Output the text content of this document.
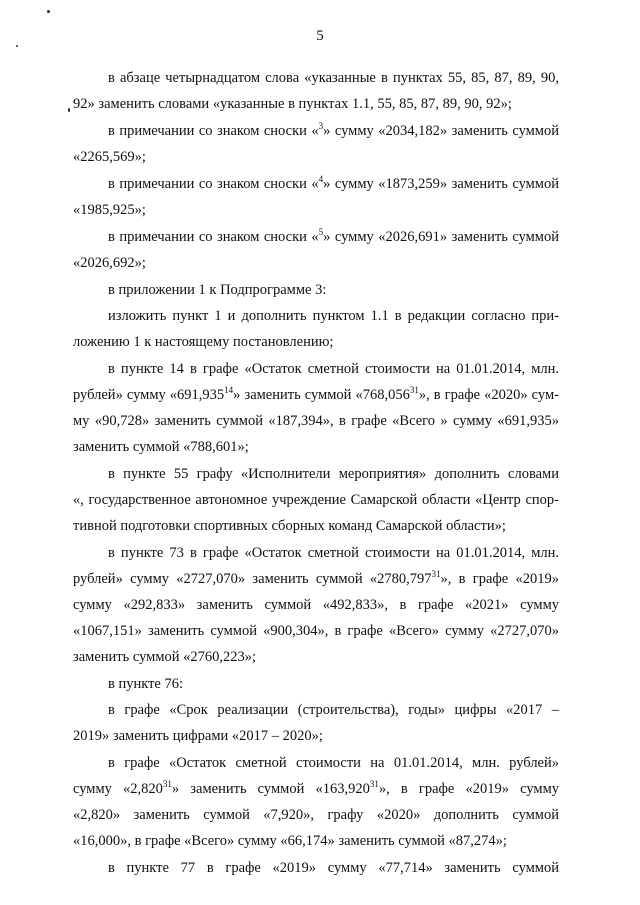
5
в абзаце четырнадцатом слова «указанные в пунктах 55, 85, 87, 89, 90,
92» заменить словами «указанные в пунктах 1.1, 55, 85, 87, 89, 90, 92»;
в примечании со знаком сноски «$^3$» сумму «2034,182» заменить суммой
«2265,569»;
в примечании со знаком сноски «$^4$» сумму «1873,259» заменить суммой
«1985,925»;
в примечании со знаком сноски «$^5$» сумму «2026,691» заменить суммой
«2026,692»;
в приложении 1 к Подпрограмме 3:
изложить пункт 1 и дополнить пунктом 1.1 в редакции согласно при-
ложению 1 к настоящему постановлению;
в пункте 14 в графе «Остаток сметной стоимости на 01.01.2014, млн.
рублей» сумму «691,935$^{14}$» заменить суммой «768,056$^{31}$», в графе «2020» сум-
му «90,728» заменить суммой «187,394», в графе «Всего » сумму «691,935»
заменить суммой «788,601»;
в пункте 55 графу «Исполнители мероприятия» дополнить словами
«, государственное автономное учреждение Самарской области «Центр спор-
тивной подготовки спортивных сборных команд Самарской области»;
в пункте 73 в графе «Остаток сметной стоимости на 01.01.2014, млн.
рублей» сумму «2727,070» заменить суммой «2780,797$^{31}$», в графе «2019»
сумму «292,833» заменить суммой «492,833», в графе «2021» сумму
«1067,151» заменить суммой «900,304», в графе «Всего» сумму «2727,070»
заменить суммой «2760,223»;
в пункте 76:
в графе «Срок реализации (строительства), годы» цифры «2017 –
2019» заменить цифрами «2017 – 2020»;
в графе «Остаток сметной стоимости на 01.01.2014, млн. рублей»
сумму «2,820$^{31}$» заменить суммой «163,920$^{31}$», в графе «2019» сумму
«2,820» заменить суммой «7,920», графу «2020» дополнить суммой
«16,000», в графе «Всего» сумму «66,174» заменить суммой «87,274»;
в пункте 77 в графе «2019» сумму «77,714» заменить суммой
